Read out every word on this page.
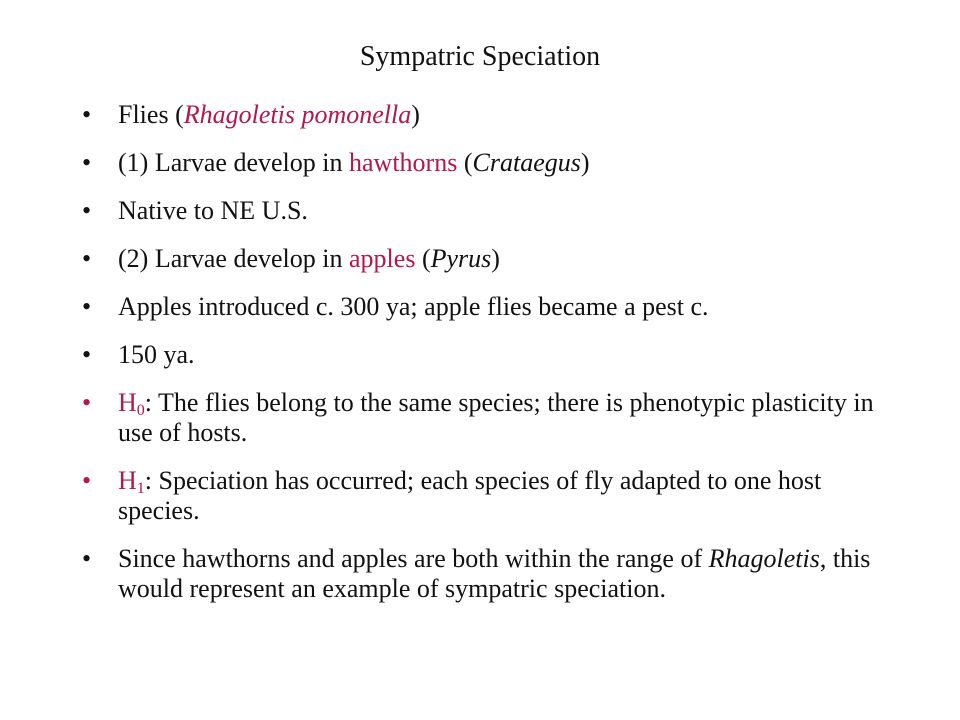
Sympatric Speciation
•	Flies (Rhagoletis pomonella)
•	(1) Larvae develop in hawthorns (Crataegus)
•	Native to NE U.S.
•	(2) Larvae develop in apples (Pyrus)
•	Apples introduced c. 300 ya; apple flies became a pest c.
•	150 ya.
•	$H_0$: The flies belong to the same species; there is phenotypic plasticity in use of hosts.
•	$H_1$: Speciation has occurred; each species of fly adapted to one host species.
•	Since hawthorns and apples are both within the range of Rhagoletis, this would represent an example of sympatric speciation.
